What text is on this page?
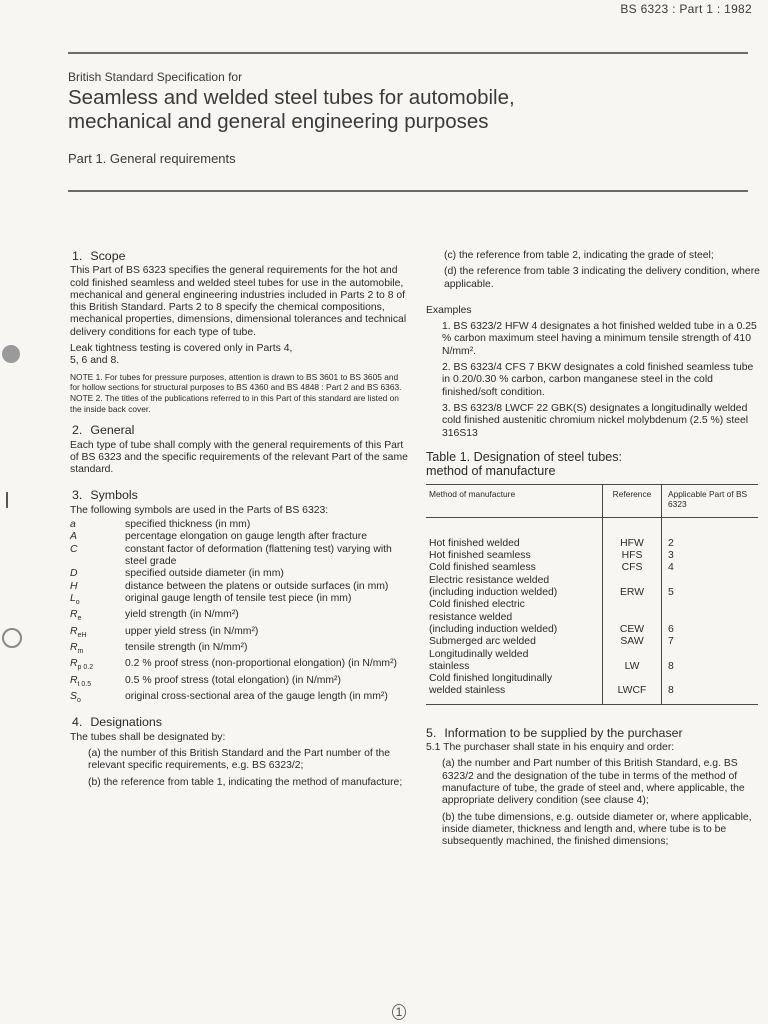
BS 6323 : Part 1 : 1982
British Standard Specification for
Seamless and welded steel tubes for automobile,
mechanical and general engineering purposes
Part 1. General requirements
1. Scope

This Part of BS 6323 specifies the general requirements for the hot and cold finished seamless and welded steel tubes for use in the automobile, mechanical and general engineering industries included in Parts 2 to 8 of this British Standard. Parts 2 to 8 specify the chemical compositions, mechanical properties, dimensions, dimensional tolerances and technical delivery conditions for each type of tube.

Leak tightness testing is covered only in Parts 4, 5, 6 and 8.

NOTE 1. For tubes for pressure purposes, attention is drawn to BS 3601 to BS 3605 and for hollow sections for structural purposes to BS 4360 and BS 4848 : Part 2 and BS 6363.

NOTE 2. The titles of the publications referred to in this Part of this standard are listed on the inside back cover.

2. General

Each type of tube shall comply with the general requirements of this Part of BS 6323 and the specific requirements of the relevant Part of the same standard.

3. Symbols

The following symbols are used in the Parts of BS 6323:

a	specified thickness (in mm)
A	percentage elongation on gauge length after fracture
C	constant factor of deformation (flattening test) varying with steel grade
D	specified outside diameter (in mm)
H	distance between the platens or outside surfaces (in mm)
$L_o$	original gauge length of tensile test piece (in mm)
$R_e$	yield strength (in N/mm²)
$R_{eH}$	upper yield stress (in N/mm²)
$R_m$	tensile strength (in N/mm²)
$R_{p 0.2}$	0.2 % proof stress (non-proportional elongation) (in N/mm²)
$R_{t 0.5}$	0.5 % proof stress (total elongation) (in N/mm²)
$S_o$	original cross-sectional area of the gauge length (in mm²)
4. Designations

The tubes shall be designated by:

(a) the number of this British Standard and the Part number of the relevant specific requirements, e.g. BS 6323/2;

(b) the reference from table 1, indicating the method of manufacture;

(c) the reference from table 2, indicating the grade of steel;

(d) the reference from table 3 indicating the delivery condition, where applicable.

Examples

1. BS 6323/2 HFW 4 designates a hot finished welded tube in a 0.25 % carbon maximum steel having a minimum tensile strength of 410 N/mm².

2. BS 6323/4 CFS 7 BKW designates a cold finished seamless tube in 0.20/0.30 % carbon, carbon manganese steel in the cold finished/soft condition.

3. BS 6323/8 LWCF 22 GBK(S) designates a longitudinally welded cold finished austenitic chromium nickel molybdenum (2.5 %) steel 316S13

Table 1. Designation of steel tubes:
method of manufacture
Method of manufacture	Reference	Applicable Part of BS 6323

Hot finished welded	HFW	2

Hot finished seamless	HFS	3

Cold finished seamless	CFS	4

Electric resistance welded
(including induction welded)	ERW	5

Cold finished electric
resistance welded
(including induction welded)	CEW	6

Submerged arc welded	SAW	7

Longitudinally welded
stainless	LW	8

Cold finished longitudinally
welded stainless	LWCF	8
5. Information to be supplied by the purchaser

5.1 The purchaser shall state in his enquiry and order:

(a) the number and Part number of this British Standard, e.g. BS 6323/2 and the designation of the tube in terms of the method of manufacture of tube, the grade of steel and, where applicable, the appropriate delivery condition (see clause 4);

(b) the tube dimensions, e.g. outside diameter or, where applicable, inside diameter, thickness and length and, where tube is to be subsequently machined, the finished dimensions;

1
